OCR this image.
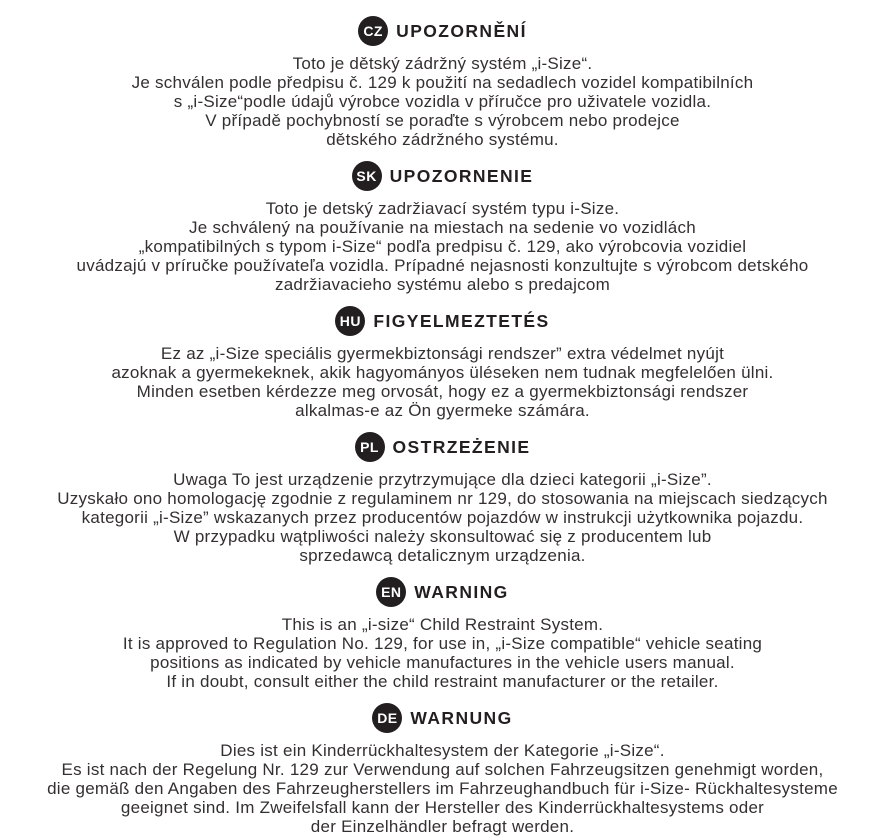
CZ UPOZORNĚNÍ
Toto je dětský zádržný systém „i-Size“.
Je schválen podle předpisu č. 129 k použití na sedadlech vozidel kompatibilních
s „i-Size“podle údajů výrobce vozidla v příručce pro uživatele vozidla.
V případě pochybností se poraďte s výrobcem nebo prodejce
dětského zádržného systému.
SK UPOZORNENIE
Toto je detský zadržiavací systém typu i-Size.
Je schválený na používanie na miestach na sedenie vo vozidlách
„kompatibilných s typom i-Size“ podľa predpisu č. 129, ako výrobcovia vozidiel
uvádzajú v príručke používateľa vozidla. Prípadné nejasnosti konzultujte s výrobcom detského
zadržiavacieho systému alebo s predajcom
HU FIGYELMEZTETÉS
Ez az „i-Size speciális gyermekbiztonsági rendszer” extra védelmet nyújt
azoknak a gyermekeknek, akik hagyományos üléseken nem tudnak megfelelően ülni.
Minden esetben kérdezze meg orvosát, hogy ez a gyermekbiztonsági rendszer
alkalmas-e az Ön gyermeke számára.
PL OSTRZEŻENIE
Uwaga To jest urządzenie przytrzymujące dla dzieci kategorii „i-Size”.
Uzyskało ono homologację zgodnie z regulaminem nr 129, do stosowania na miejscach siedzących
kategorii „i-Size” wskazanych przez producentów pojazdów w instrukcji użytkownika pojazdu.
W przypadku wątpliwości należy skonsultować się z producentem lub
sprzedawcą detalicznym urządzenia.
EN WARNING
This is an „i-size“ Child Restraint System.
It is approved to Regulation No. 129, for use in, „i-Size compatible“ vehicle seating
positions as indicated by vehicle manufactures in the vehicle users manual.
If in doubt, consult either the child restraint manufacturer or the retailer.
DE WARNUNG
Dies ist ein Kinderrückhaltesystem der Kategorie „i-Size“.
Es ist nach der Regelung Nr. 129 zur Verwendung auf solchen Fahrzeugsitzen genehmigt worden,
die gemäß den Angaben des Fahrzeugherstellers im Fahrzeughandbuch für i-Size- Rückhaltesysteme
geeignet sind. Im Zweifelsfall kann der Hersteller des Kinderrückhaltesystems oder
der Einzelhändler befragt werden.
